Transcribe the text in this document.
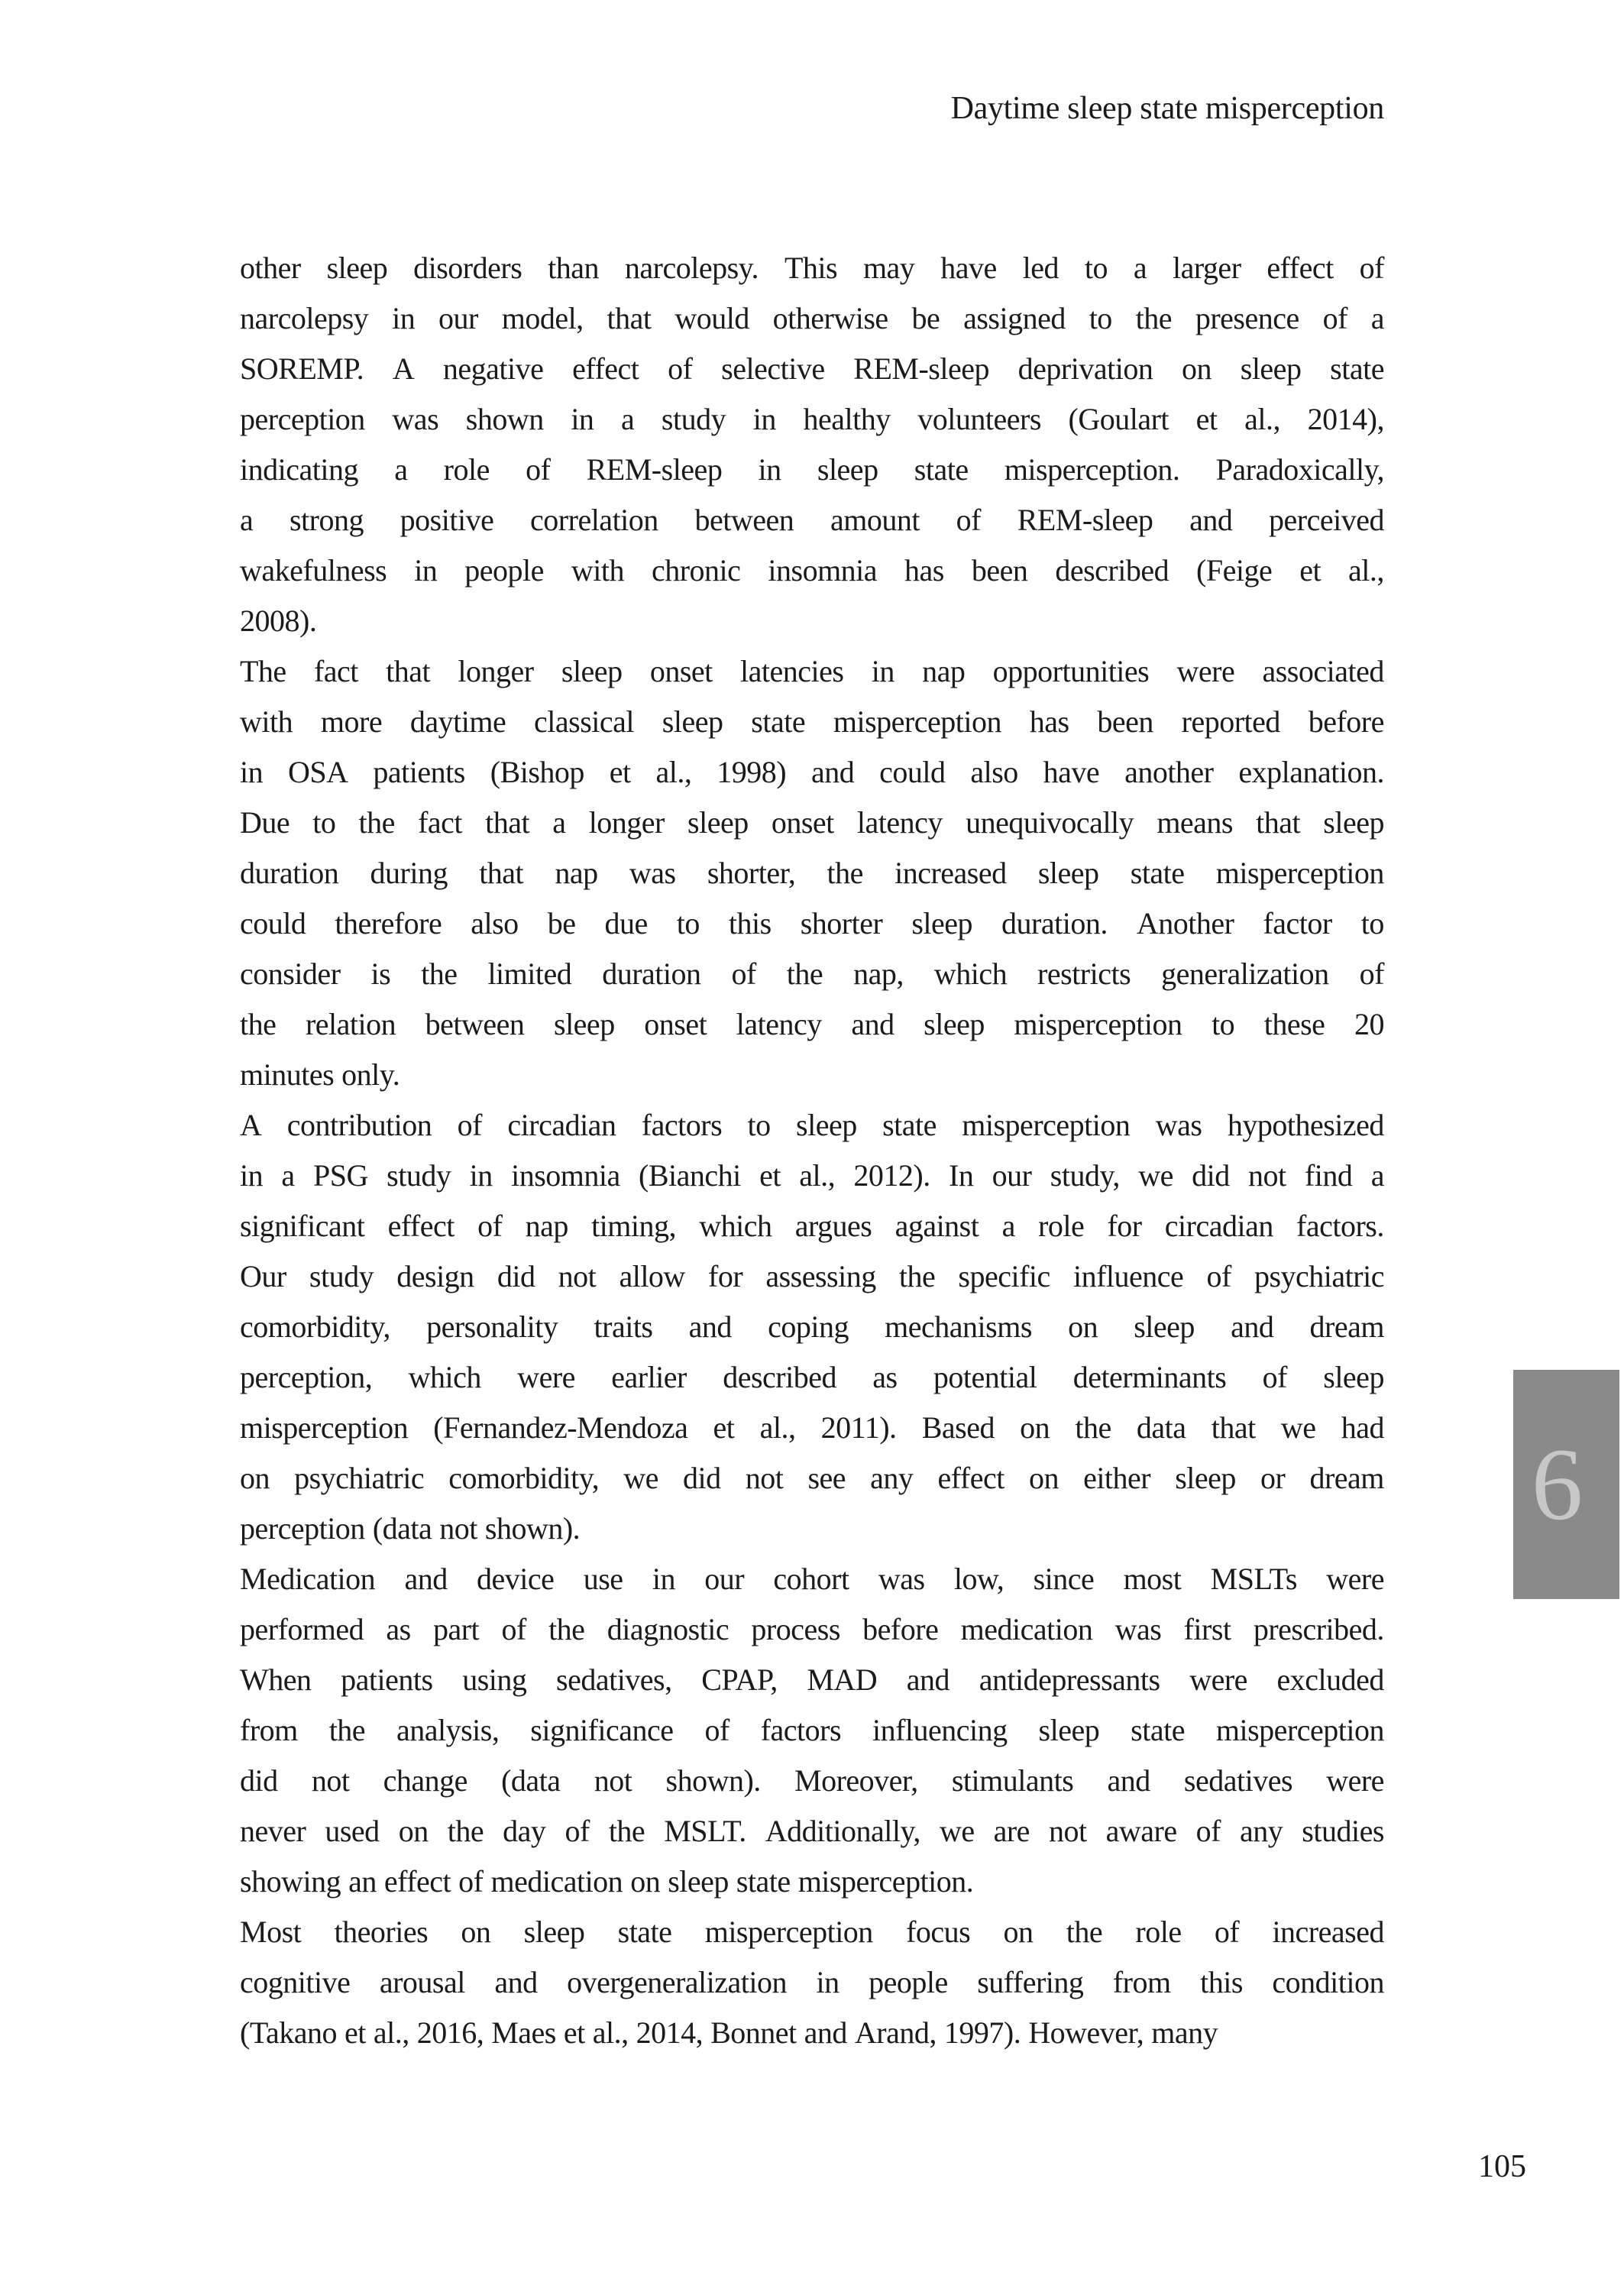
Daytime sleep state misperception
other sleep disorders than narcolepsy. This may have led to a larger effect of
narcolepsy in our model, that would otherwise be assigned to the presence of a
SOREMP. A negative effect of selective REM-sleep deprivation on sleep state
perception was shown in a study in healthy volunteers (Goulart et al., 2014),
indicating a role of REM-sleep in sleep state misperception. Paradoxically,
a strong positive correlation between amount of REM-sleep and perceived
wakefulness in people with chronic insomnia has been described (Feige et al.,
2008).
The fact that longer sleep onset latencies in nap opportunities were associated
with more daytime classical sleep state misperception has been reported before
in OSA patients (Bishop et al., 1998) and could also have another explanation.
Due to the fact that a longer sleep onset latency unequivocally means that sleep
duration during that nap was shorter, the increased sleep state misperception
could therefore also be due to this shorter sleep duration. Another factor to
consider is the limited duration of the nap, which restricts generalization of
the relation between sleep onset latency and sleep misperception to these 20
minutes only.
A contribution of circadian factors to sleep state misperception was hypothesized
in a PSG study in insomnia (Bianchi et al., 2012). In our study, we did not find a
significant effect of nap timing, which argues against a role for circadian factors.
Our study design did not allow for assessing the specific influence of psychiatric
comorbidity, personality traits and coping mechanisms on sleep and dream
perception, which were earlier described as potential determinants of sleep
misperception (Fernandez-Mendoza et al., 2011). Based on the data that we had
on psychiatric comorbidity, we did not see any effect on either sleep or dream
perception (data not shown).
Medication and device use in our cohort was low, since most MSLTs were
performed as part of the diagnostic process before medication was first prescribed.
When patients using sedatives, CPAP, MAD and antidepressants were excluded
from the analysis, significance of factors influencing sleep state misperception
did not change (data not shown). Moreover, stimulants and sedatives were
never used on the day of the MSLT. Additionally, we are not aware of any studies
showing an effect of medication on sleep state misperception.
Most theories on sleep state misperception focus on the role of increased
cognitive arousal and overgeneralization in people suffering from this condition
(Takano et al., 2016, Maes et al., 2014, Bonnet and Arand, 1997). However, many
6
105
